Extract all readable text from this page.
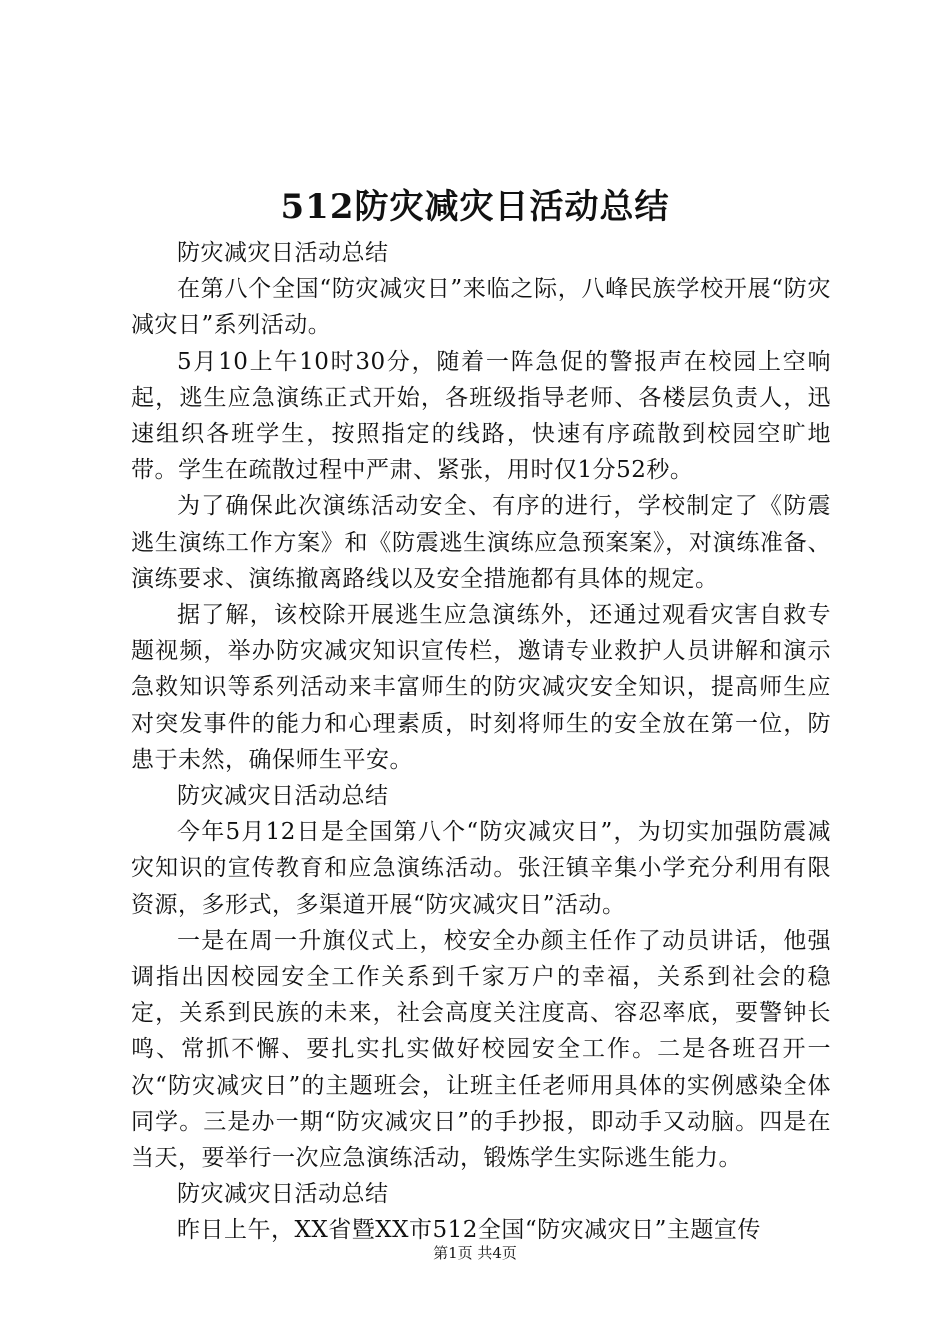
512防灾减灾日活动总结

防灾减灾日活动总结

在第八个全国“防灾减灾日”来临之际，八峰民族学校开展“防灾减灾日”系列活动。

5月10上午10时30分，随着一阵急促的警报声在校园上空响起，逃生应急演练正式开始，各班级指导老师、各楼层负责人，迅速组织各班学生，按照指定的线路，快速有序疏散到校园空旷地带。学生在疏散过程中严肃、紧张，用时仅1分52秒。

为了确保此次演练活动安全、有序的进行，学校制定了《防震逃生演练工作方案》和《防震逃生演练应急预案案》，对演练准备、演练要求、演练撤离路线以及安全措施都有具体的规定。

据了解，该校除开展逃生应急演练外，还通过观看灾害自救专题视频，举办防灾减灾知识宣传栏，邀请专业救护人员讲解和演示急救知识等系列活动来丰富师生的防灾减灾安全知识，提高师生应对突发事件的能力和心理素质，时刻将师生的安全放在第一位，防患于未然，确保师生平安。

防灾减灾日活动总结

今年5月12日是全国第八个“防灾减灾日”，为切实加强防震减灾知识的宣传教育和应急演练活动。张汪镇辛集小学充分利用有限资源，多形式，多渠道开展“防灾减灾日”活动。

一是在周一升旗仪式上，校安全办颜主任作了动员讲话，他强调指出因校园安全工作关系到千家万户的幸福，关系到社会的稳定，关系到民族的未来，社会高度关注度高、容忍率底，要警钟长鸣、常抓不懈、要扎实扎实做好校园安全工作。二是各班召开一次“防灾减灾日”的主题班会，让班主任老师用具体的实例感染全体同学。三是办一期“防灾减灾日”的手抄报，即动手又动脑。四是在当天，要举行一次应急演练活动，锻炼学生实际逃生能力。

防灾减灾日活动总结

昨日上午，XX省暨XX市512全国“防灾减灾日”主题宣传

第1页 共4页
